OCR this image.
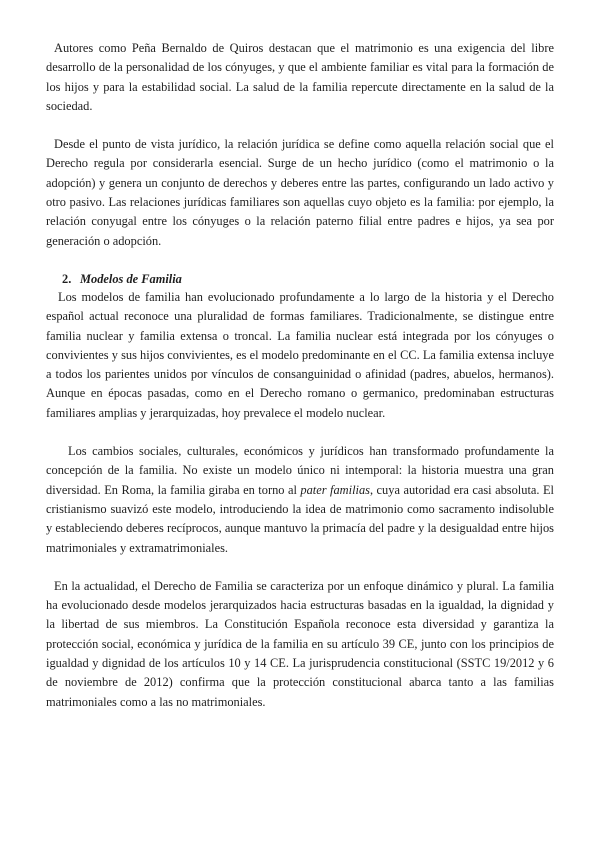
Autores como Peña Bernaldo de Quiros destacan que el matrimonio es una exigencia del libre desarrollo de la personalidad de los cónyuges, y que el ambiente familiar es vital para la formación de los hijos y para la estabilidad social. La salud de la familia repercute directamente en la salud de la sociedad.

Desde el punto de vista jurídico, la relación jurídica se define como aquella relación social que el Derecho regula por considerarla esencial. Surge de un hecho jurídico (como el matrimonio o la adopción) y genera un conjunto de derechos y deberes entre las partes, configurando un lado activo y otro pasivo. Las relaciones jurídicas familiares son aquellas cuyo objeto es la familia: por ejemplo, la relación conyugal entre los cónyuges o la relación paterno filial entre padres e hijos, ya sea por generación o adopción.

2. Modelos de Familia

Los modelos de familia han evolucionado profundamente a lo largo de la historia y el Derecho español actual reconoce una pluralidad de formas familiares. Tradicionalmente, se distingue entre familia nuclear y familia extensa o troncal. La familia nuclear está integrada por los cónyuges o convivientes y sus hijos convivientes, es el modelo predominante en el CC. La familia extensa incluye a todos los parientes unidos por vínculos de consanguinidad o afinidad (padres, abuelos, hermanos). Aunque en épocas pasadas, como en el Derecho romano o germanico, predominaban estructuras familiares amplias y jerarquizadas, hoy prevalece el modelo nuclear.

Los cambios sociales, culturales, económicos y jurídicos han transformado profundamente la concepción de la familia. No existe un modelo único ni intemporal: la historia muestra una gran diversidad. En Roma, la familia giraba en torno al pater familias, cuya autoridad era casi absoluta. El cristianismo suavizó este modelo, introduciendo la idea de matrimonio como sacramento indisoluble y estableciendo deberes recíprocos, aunque mantuvo la primacía del padre y la desigualdad entre hijos matrimoniales y extramatrimoniales.

En la actualidad, el Derecho de Familia se caracteriza por un enfoque dinámico y plural. La familia ha evolucionado desde modelos jerarquizados hacia estructuras basadas en la igualdad, la dignidad y la libertad de sus miembros. La Constitución Española reconoce esta diversidad y garantiza la protección social, económica y jurídica de la familia en su artículo 39 CE, junto con los principios de igualdad y dignidad de los artículos 10 y 14 CE. La jurisprudencia constitucional (SSTC 19/2012 y 6 de noviembre de 2012) confirma que la protección constitucional abarca tanto a las familias matrimoniales como a las no matrimoniales.
